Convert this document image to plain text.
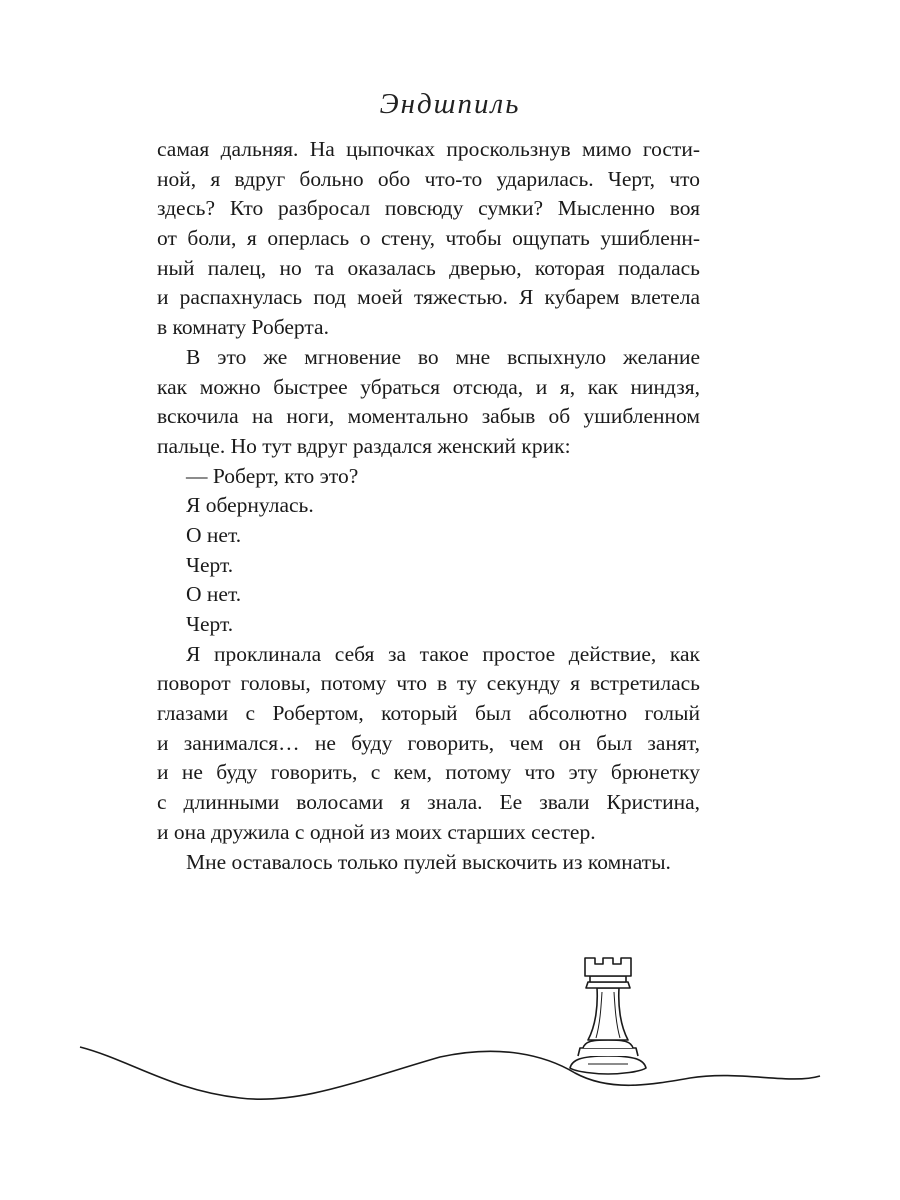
Эндшпиль
самая дальняя. На цыпочках проскользнув мимо гости-
ной, я вдруг больно обо что-то ударилась. Черт, что
здесь? Кто разбросал повсюду сумки? Мысленно воя
от боли, я оперлась о стену, чтобы ощупать ушибленн-
ный палец, но та оказалась дверью, которая подалась
и распахнулась под моей тяжестью. Я кубарем влетела
в комнату Роберта.
В это же мгновение во мне вспыхнуло желание
как можно быстрее убраться отсюда, и я, как ниндзя,
вскочила на ноги, моментально забыв об ушибленном
пальце. Но тут вдруг раздался женский крик:
— Роберт, кто это?
Я обернулась.
О нет.
Черт.
О нет.
Черт.
Я проклинала себя за такое простое действие, как
поворот головы, потому что в ту секунду я встретилась
глазами с Робертом, который был абсолютно голый
и занимался… не буду говорить, чем он был занят,
и не буду говорить, с кем, потому что эту брюнетку
с длинными волосами я знала. Ее звали Кристина,
и она дружила с одной из моих старших сестер.
Мне оставалось только пулей выскочить из комнаты.
